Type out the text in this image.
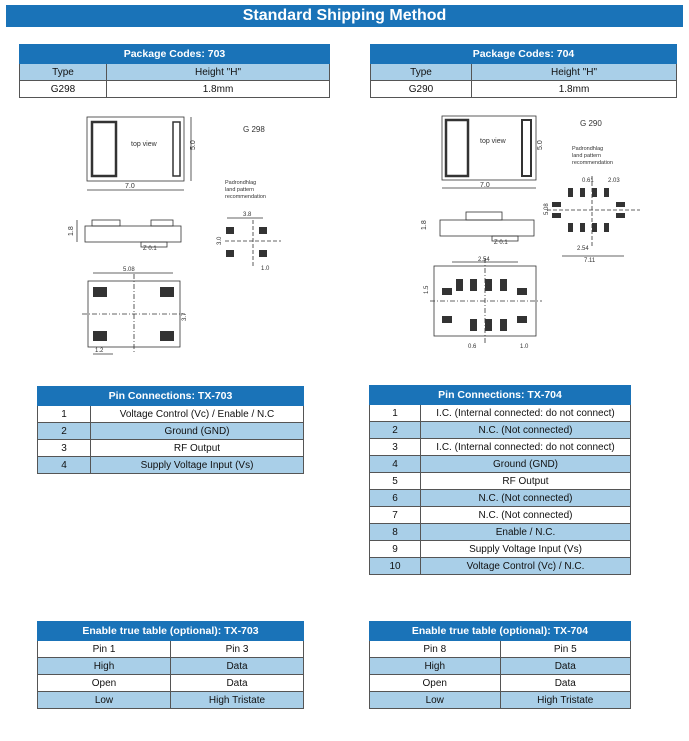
Standard Shipping Method
Package Codes: 703	
Type	Height "H"
G298	1.8mm
Package Codes: 704	
Type	Height "H"
G290	1.8mm
top view
G 298
Padrondhlag
land pattern
recommendation
7.0
5.0
1.8
Z 0.1
3.8
3.0
1.0
5.08
3.7
1.2
top view
G 290
Padrondhlag
land pattern
recommendation
7.0
5.0
1.8
Z 0.1
0.61 2.03
2.54
7.11
5.08
1.5
2.54
0.6	1.0
Pin Connections: TX-703	
1	Voltage Control (Vc) / Enable / N.C
2	Ground (GND)
3	RF Output
4	Supply Voltage Input (Vs)
Pin Connections: TX-704	
1	I.C. (Internal connected: do not connect)
2	N.C. (Not connected)
3	I.C. (Internal connected: do not connect)
4	Ground (GND)
5	RF Output
6	N.C. (Not connected)
7	N.C. (Not connected)
8	Enable / N.C.
9	Supply Voltage Input (Vs)
10	Voltage Control (Vc) / N.C.
Enable true table (optional): TX-703	
Pin 1	Pin 3
High	Data
Open	Data
Low	High Tristate
Enable true table (optional): TX-704	
Pin 8	Pin 5
High	Data
Open	Data
Low	High Tristate
